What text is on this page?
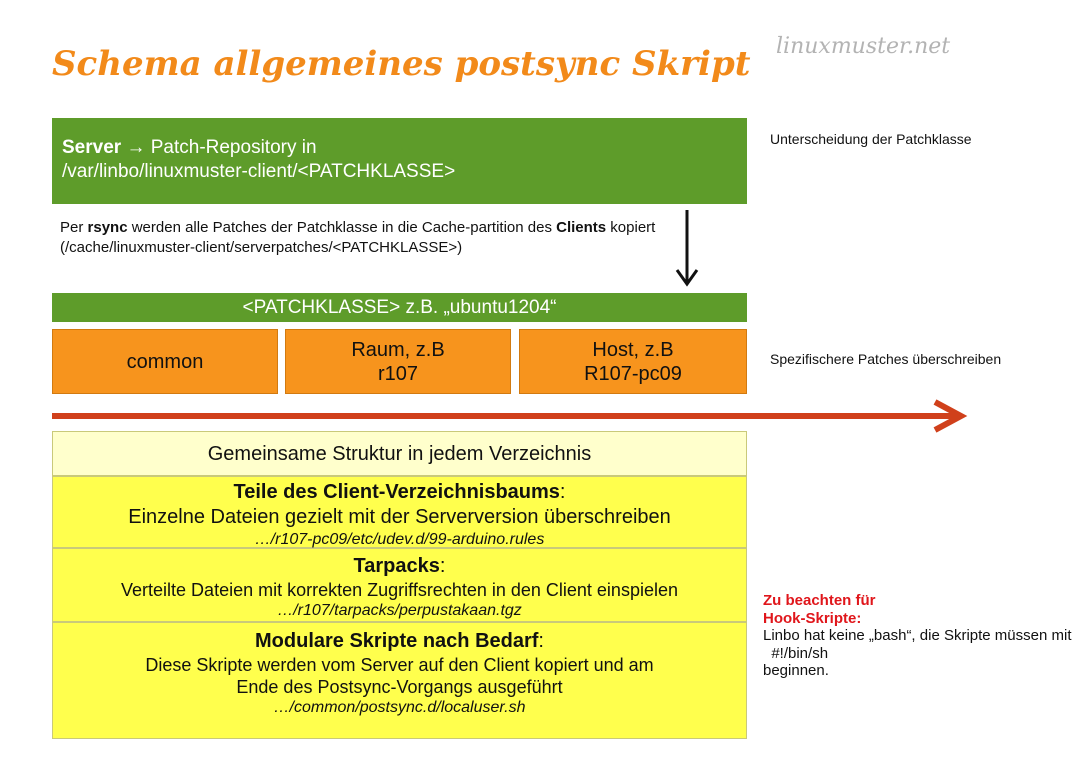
linuxmuster.net
Schema allgemeines postsync Skript
Server → Patch-Repository in
/var/linbo/linuxmuster-client/<PATCHKLASSE>
Unterscheidung der Patchklasse
Per rsync werden alle Patches der Patchklasse in die Cache-partition des Clients kopiert
(/cache/linuxmuster-client/serverpatches/<PATCHKLASSE>)
<PATCHKLASSE> z.B. „ubuntu1204“
common
Raum, z.B
r107
Host, z.B
R107-pc09
Spezifischere Patches überschreiben
Gemeinsame Struktur in jedem Verzeichnis
Teile des Client-Verzeichnisbaums:
Einzelne Dateien gezielt mit der Serverversion überschreiben
…/r107-pc09/etc/udev.d/99-arduino.rules
Tarpacks:
Verteilte Dateien mit korrekten Zugriffsrechten in den Client einspielen
…/r107/tarpacks/perpustakaan.tgz
Modulare Skripte nach Bedarf:
Diese Skripte werden vom Server auf den Client kopiert und am
Ende des Postsync-Vorgangs ausgeführt
…/common/postsync.d/localuser.sh
Zu beachten für
Hook-Skripte:
Linbo hat keine „bash“, die Skripte müssen mit
#!/bin/sh
beginnen.
